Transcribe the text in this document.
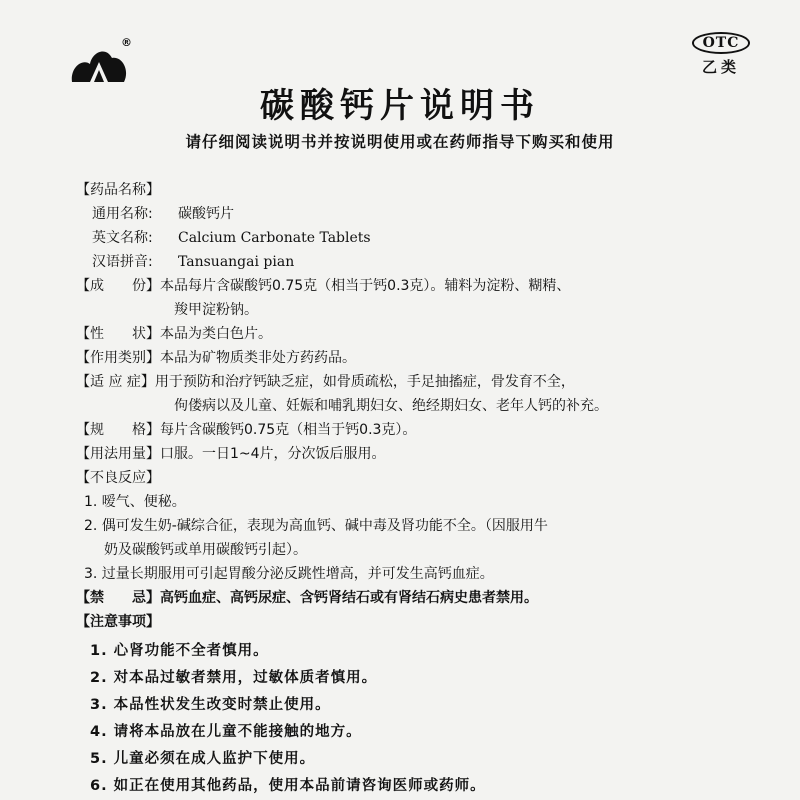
®	OTC
乙类
碳酸钙片说明书
请仔细阅读说明书并按说明使用或在药师指导下购买和使用
【药品名称】
通用名称:	碳酸钙片
英文名称:	Calcium Carbonate Tablets
汉语拼音:	Tansuangai pian
【成　　份】 本品每片含碳酸钙0.75克（相当于钙0.3克）。辅料为淀粉、糊精、
羧甲淀粉钠。
【性　　状】 本品为类白色片。
【作用类别】 本品为矿物质类非处方药药品。
【适 应 症】 用于预防和治疗钙缺乏症，如骨质疏松，手足抽搐症，骨发育不全，
佝偻病以及儿童、妊娠和哺乳期妇女、绝经期妇女、老年人钙的补充。
【规　　格】 每片含碳酸钙0.75克（相当于钙0.3克）。
【用法用量】 口服。一日1~4片，分次饭后服用。
【不良反应】
1. 嗳气、便秘。
2. 偶可发生奶-碱综合征，表现为高血钙、碱中毒及肾功能不全。（因服用牛
奶及碳酸钙或单用碳酸钙引起）。
3. 过量长期服用可引起胃酸分泌反跳性增高，并可发生高钙血症。
【禁　　忌】 高钙血症、高钙尿症、含钙肾结石或有肾结石病史患者禁用。
【注意事项】
1. 心肾功能不全者慎用。
2. 对本品过敏者禁用，过敏体质者慎用。
3. 本品性状发生改变时禁止使用。
4. 请将本品放在儿童不能接触的地方。
5. 儿童必须在成人监护下使用。
6. 如正在使用其他药品，使用本品前请咨询医师或药师。
